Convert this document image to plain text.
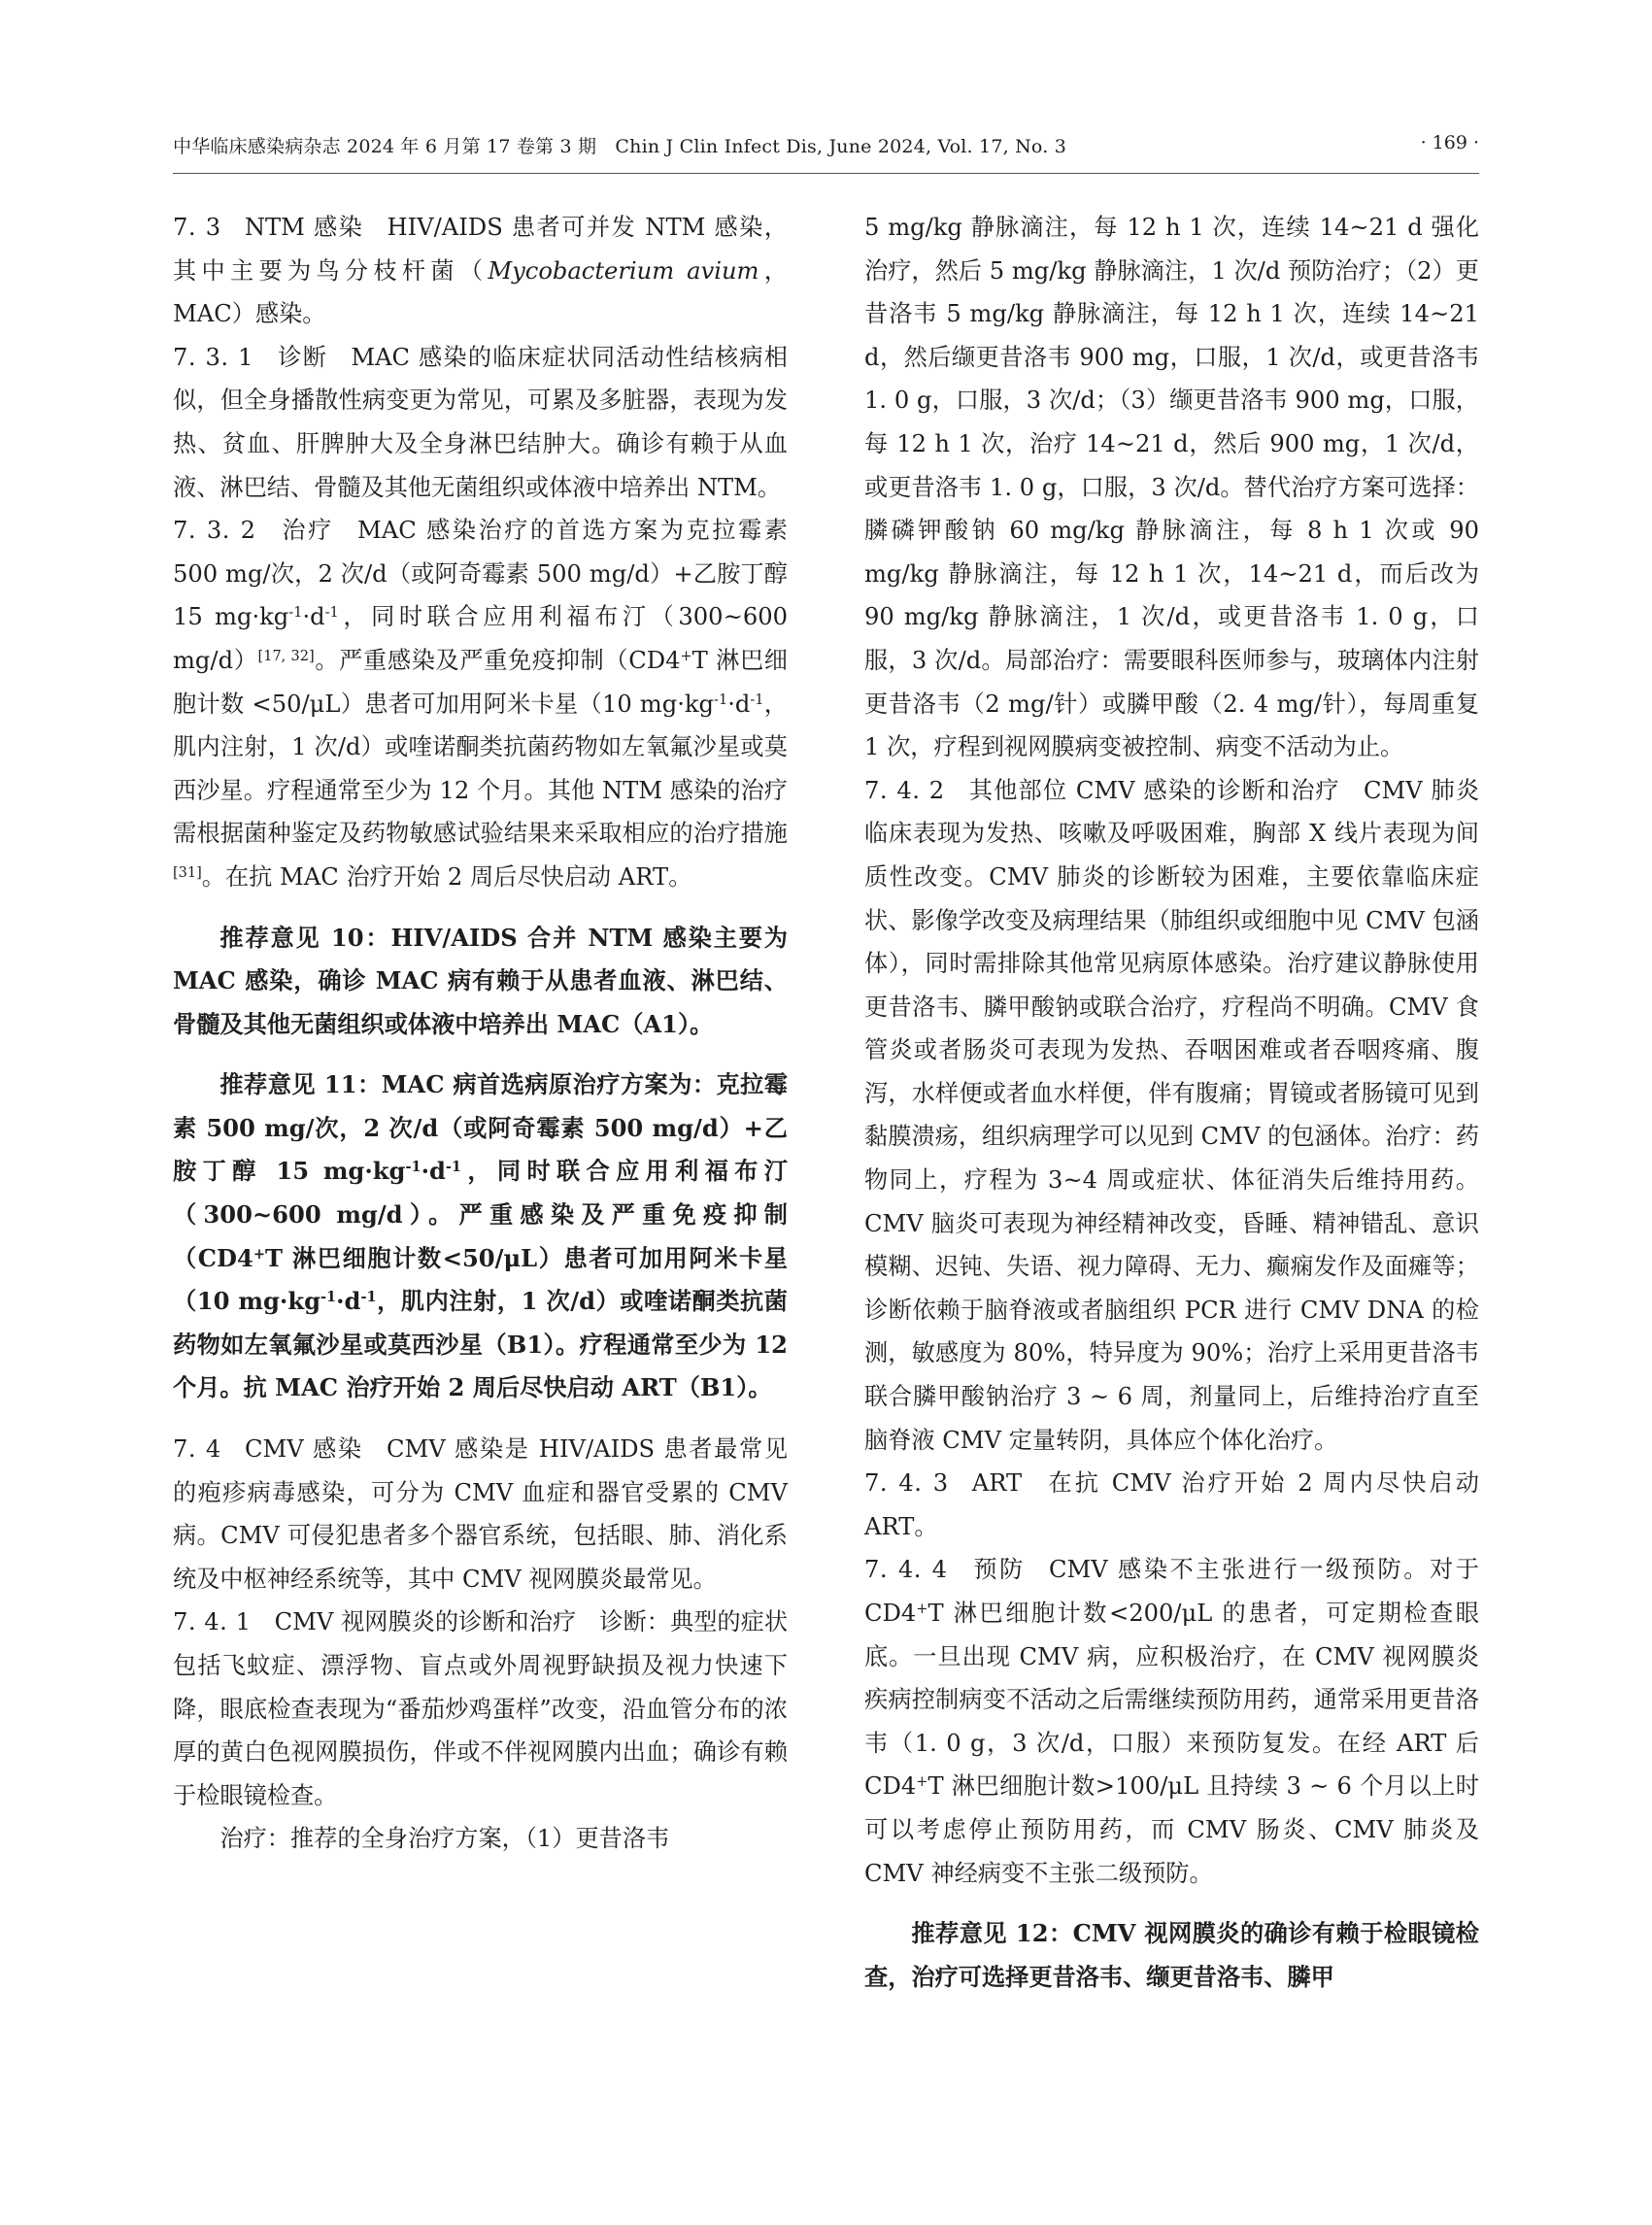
中华临床感染病杂志 2024 年 6 月第 17 卷第 3 期　Chin J Clin Infect Dis, June 2024, Vol. 17, No. 3	· 169 ·

7. 3  NTM 感染  HIV/AIDS 患者可并发 NTM 感染，其中主要为鸟分枝杆菌（Mycobacterium avium，MAC）感染。

7. 3. 1  诊断  MAC 感染的临床症状同活动性结核病相似，但全身播散性病变更为常见，可累及多脏器，表现为发热、贫血、肝脾肿大及全身淋巴结肿大。确诊有赖于从血液、淋巴结、骨髓及其他无菌组织或体液中培养出 NTM。

7. 3. 2  治疗  MAC 感染治疗的首选方案为克拉霉素 500 mg/次，2 次/d（或阿奇霉素 500 mg/d）+乙胺丁醇 15 $mg\cdot kg^{-1}\cdot d^{-1}$，同时联合应用利福布汀（300~600 mg/d）[17, 32]。严重感染及严重免疫抑制（CD4+T 淋巴细胞计数 <50/μL）患者可加用阿米卡星（10 $mg\cdot kg^{-1}\cdot d^{-1}$，肌内注射，1 次/d）或喹诺酮类抗菌药物如左氧氟沙星或莫西沙星。疗程通常至少为 12 个月。其他 NTM 感染的治疗需根据菌种鉴定及药物敏感试验结果来采取相应的治疗措施[31]。在抗 MAC 治疗开始 2 周后尽快启动 ART。

推荐意见 10：HIV/AIDS 合并 NTM 感染主要为 MAC 感染，确诊 MAC 病有赖于从患者血液、淋巴结、骨髓及其他无菌组织或体液中培养出 MAC（A1）。

推荐意见 11：MAC 病首选病原治疗方案为：克拉霉素 500 mg/次，2 次/d（或阿奇霉素 500 mg/d）+乙胺丁醇 15 $mg\cdot kg^{-1}\cdot d^{-1}$，同时联合应用利福布汀（300~600 mg/d）。严重感染及严重免疫抑制（CD4+T 淋巴细胞计数<50/μL）患者可加用阿米卡星（10 $mg\cdot kg^{-1}\cdot d^{-1}$，肌内注射，1 次/d）或喹诺酮类抗菌药物如左氧氟沙星或莫西沙星（B1）。疗程通常至少为 12 个月。抗 MAC 治疗开始 2 周后尽快启动 ART（B1）。

7. 4  CMV 感染  CMV 感染是 HIV/AIDS 患者最常见的疱疹病毒感染，可分为 CMV 血症和器官受累的 CMV 病。CMV 可侵犯患者多个器官系统，包括眼、肺、消化系统及中枢神经系统等，其中 CMV 视网膜炎最常见。

7. 4. 1  CMV 视网膜炎的诊断和治疗  诊断：典型的症状包括飞蚊症、漂浮物、盲点或外周视野缺损及视力快速下降，眼底检查表现为“番茄炒鸡蛋样”改变，沿血管分布的浓厚的黄白色视网膜损伤，伴或不伴视网膜内出血；确诊有赖于检眼镜检查。

治疗：推荐的全身治疗方案，（1）更昔洛韦

5 mg/kg 静脉滴注，每 12 h 1 次，连续 14~21 d 强化治疗，然后 5 mg/kg 静脉滴注，1 次/d 预防治疗；（2）更昔洛韦 5 mg/kg 静脉滴注，每 12 h 1 次，连续 14~21 d，然后缬更昔洛韦 900 mg，口服，1 次/d，或更昔洛韦 1. 0 g，口服，3 次/d；（3）缬更昔洛韦 900 mg，口服，每 12 h 1 次，治疗 14~21 d，然后 900 mg，1 次/d，或更昔洛韦 1. 0 g，口服，3 次/d。替代治疗方案可选择：膦磷钾酸钠 60 mg/kg 静脉滴注，每 8 h 1 次或 90 mg/kg 静脉滴注，每 12 h 1 次，14~21 d，而后改为 90 mg/kg 静脉滴注，1 次/d，或更昔洛韦 1. 0 g，口服，3 次/d。局部治疗：需要眼科医师参与，玻璃体内注射更昔洛韦（2 mg/针）或膦甲酸（2. 4 mg/针），每周重复 1 次，疗程到视网膜病变被控制、病变不活动为止。

7. 4. 2  其他部位 CMV 感染的诊断和治疗  CMV 肺炎临床表现为发热、咳嗽及呼吸困难，胸部 X 线片表现为间质性改变。CMV 肺炎的诊断较为困难，主要依靠临床症状、影像学改变及病理结果（肺组织或细胞中见 CMV 包涵体），同时需排除其他常见病原体感染。治疗建议静脉使用更昔洛韦、膦甲酸钠或联合治疗，疗程尚不明确。CMV 食管炎或者肠炎可表现为发热、吞咽困难或者吞咽疼痛、腹泻，水样便或者血水样便，伴有腹痛；胃镜或者肠镜可见到黏膜溃疡，组织病理学可以见到 CMV 的包涵体。治疗：药物同上，疗程为 3~4 周或症状、体征消失后维持用药。CMV 脑炎可表现为神经精神改变，昏睡、精神错乱、意识模糊、迟钝、失语、视力障碍、无力、癫痫发作及面瘫等；诊断依赖于脑脊液或者脑组织 PCR 进行 CMV DNA 的检测，敏感度为 80%，特异度为 90%；治疗上采用更昔洛韦联合膦甲酸钠治疗 3 ~ 6 周，剂量同上，后维持治疗直至脑脊液 CMV 定量转阴，具体应个体化治疗。

7. 4. 3  ART  在抗 CMV 治疗开始 2 周内尽快启动 ART。

7. 4. 4  预防  CMV 感染不主张进行一级预防。对于 CD4+T 淋巴细胞计数<200/μL 的患者，可定期检查眼底。一旦出现 CMV 病，应积极治疗，在 CMV 视网膜炎疾病控制病变不活动之后需继续预防用药，通常采用更昔洛韦（1. 0 g，3 次/d，口服）来预防复发。在经 ART 后 CD4+T 淋巴细胞计数>100/μL 且持续 3 ~ 6 个月以上时可以考虑停止预防用药，而 CMV 肠炎、CMV 肺炎及 CMV 神经病变不主张二级预防。

推荐意见 12：CMV 视网膜炎的确诊有赖于检眼镜检查，治疗可选择更昔洛韦、缬更昔洛韦、膦甲
